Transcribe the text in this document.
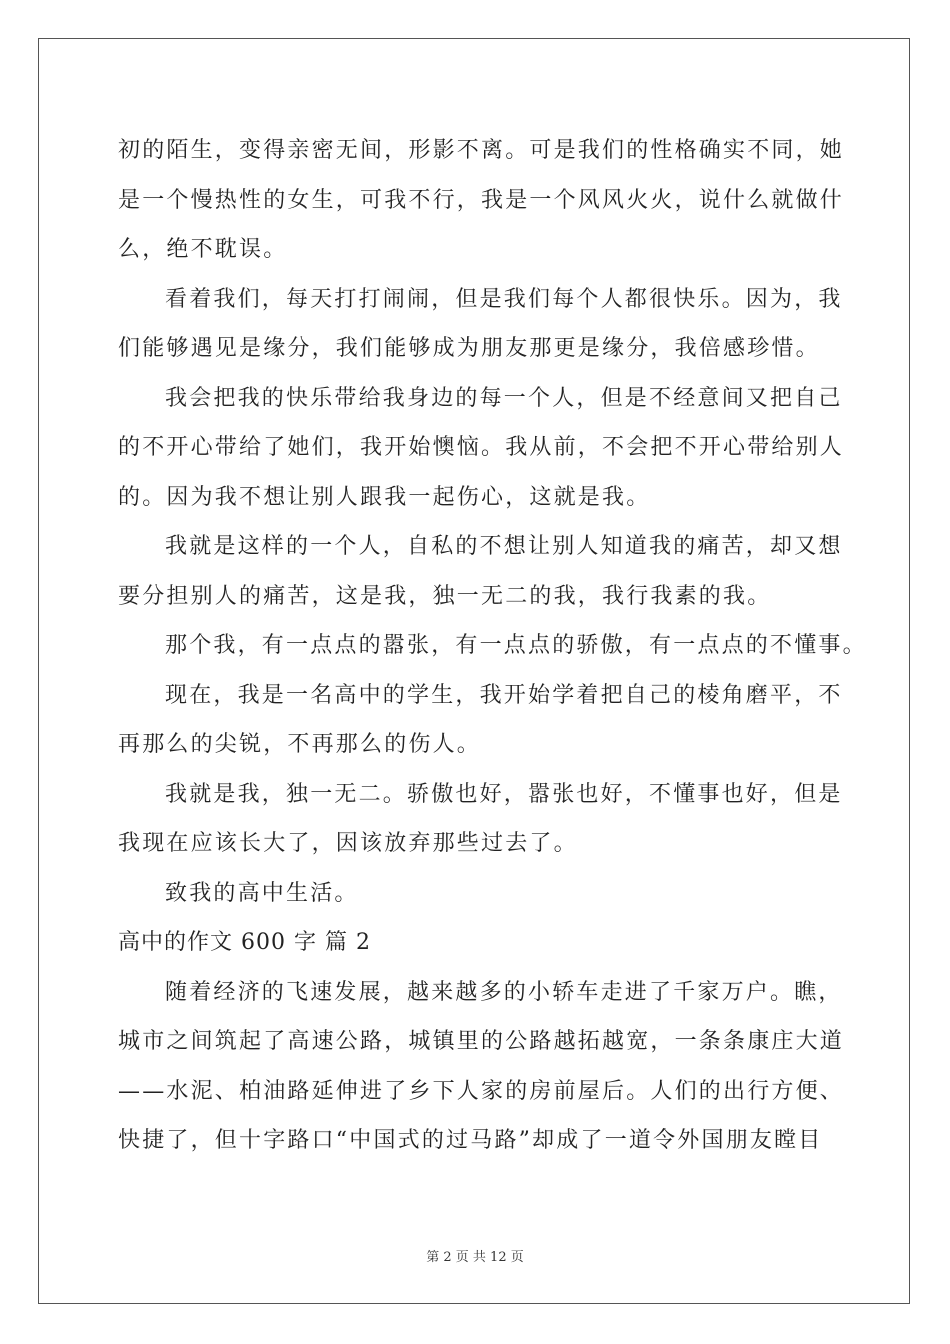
初的陌生，变得亲密无间，形影不离。可是我们的性格确实不同，她
是一个慢热性的女生，可我不行，我是一个风风火火，说什么就做什
么，绝不耽误。
看着我们，每天打打闹闹，但是我们每个人都很快乐。因为，我
们能够遇见是缘分，我们能够成为朋友那更是缘分，我倍感珍惜。
我会把我的快乐带给我身边的每一个人，但是不经意间又把自己
的不开心带给了她们，我开始懊恼。我从前，不会把不开心带给别人
的。因为我不想让别人跟我一起伤心，这就是我。
我就是这样的一个人，自私的不想让别人知道我的痛苦，却又想
要分担别人的痛苦，这是我，独一无二的我，我行我素的我。
那个我，有一点点的嚣张，有一点点的骄傲，有一点点的不懂事。
现在，我是一名高中的学生，我开始学着把自己的棱角磨平，不
再那么的尖锐，不再那么的伤人。
我就是我，独一无二。骄傲也好，嚣张也好，不懂事也好，但是
我现在应该长大了，因该放弃那些过去了。
致我的高中生活。
高中的作文 600 字 篇 2
随着经济的飞速发展，越来越多的小轿车走进了千家万户。瞧，
城市之间筑起了高速公路，城镇里的公路越拓越宽，一条条康庄大道
——水泥、柏油路延伸进了乡下人家的房前屋后。人们的出行方便、
快捷了，但十字路口“中国式的过马路”却成了一道令外国朋友瞠目
第 2 页 共 12 页
